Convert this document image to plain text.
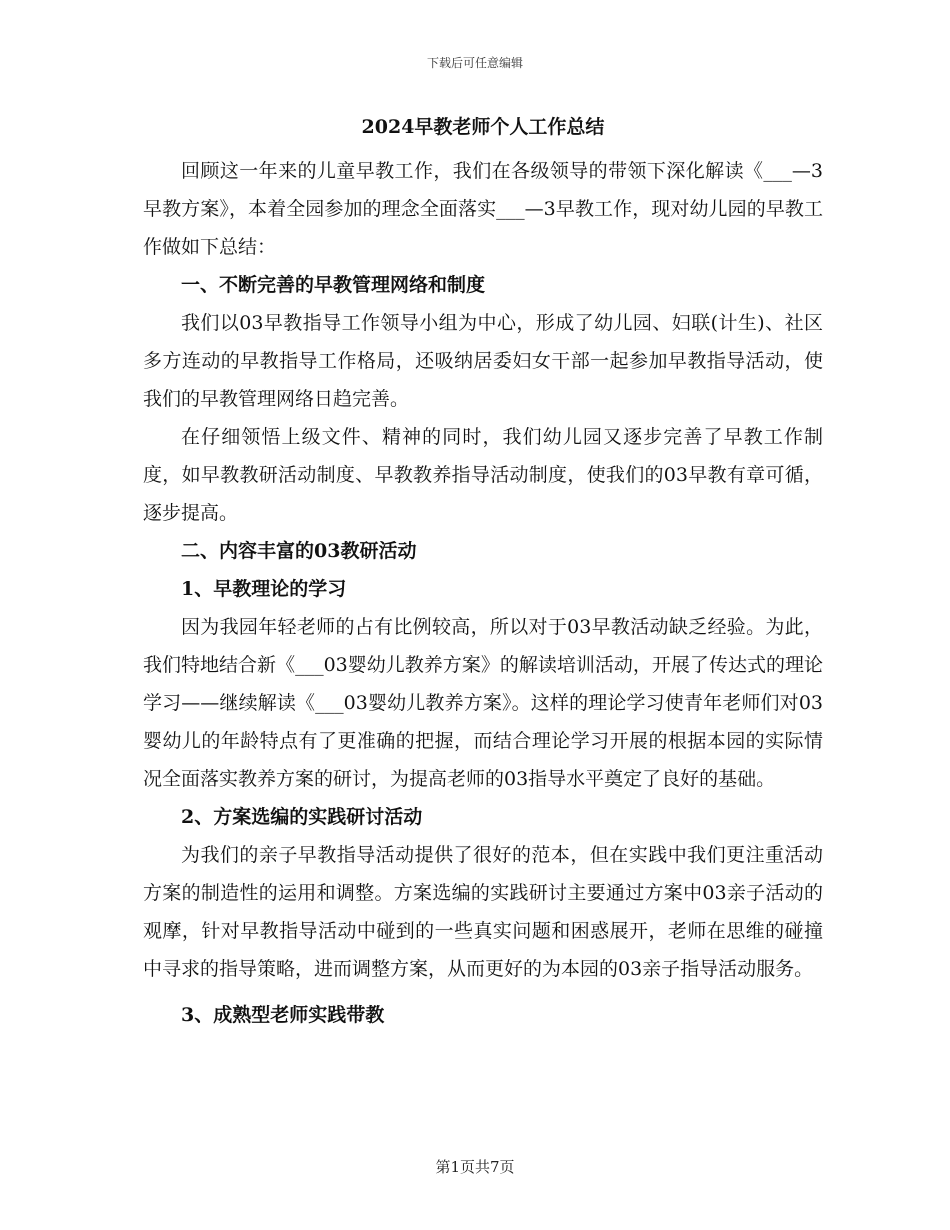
下载后可任意编辑
2024早教老师个人工作总结

回顾这一年来的儿童早教工作，我们在各级领导的带领下深化解读《___—3早教方案》，本着全园参加的理念全面落实___—3早教工作，现对幼儿园的早教工作做如下总结：

一、不断完善的早教管理网络和制度

我们以03早教指导工作领导小组为中心，形成了幼儿园、妇联(计生)、社区多方连动的早教指导工作格局，还吸纳居委妇女干部一起参加早教指导活动，使我们的早教管理网络日趋完善。

在仔细领悟上级文件、精神的同时，我们幼儿园又逐步完善了早教工作制度，如早教教研活动制度、早教教养指导活动制度，使我们的03早教有章可循，逐步提高。

二、内容丰富的03教研活动
1、早教理论的学习

因为我园年轻老师的占有比例较高，所以对于03早教活动缺乏经验。为此，我们特地结合新《___03婴幼儿教养方案》的解读培训活动，开展了传达式的理论学习——继续解读《___03婴幼儿教养方案》。这样的理论学习使青年老师们对03婴幼儿的年龄特点有了更准确的把握，而结合理论学习开展的根据本园的实际情况全面落实教养方案的研讨，为提高老师的03指导水平奠定了良好的基础。

2、方案选编的实践研讨活动

为我们的亲子早教指导活动提供了很好的范本，但在实践中我们更注重活动方案的制造性的运用和调整。方案选编的实践研讨主要通过方案中03亲子活动的观摩，针对早教指导活动中碰到的一些真实问题和困惑展开，老师在思维的碰撞中寻求的指导策略，进而调整方案，从而更好的为本园的03亲子指导活动服务。

3、成熟型老师实践带教
第1页共7页
